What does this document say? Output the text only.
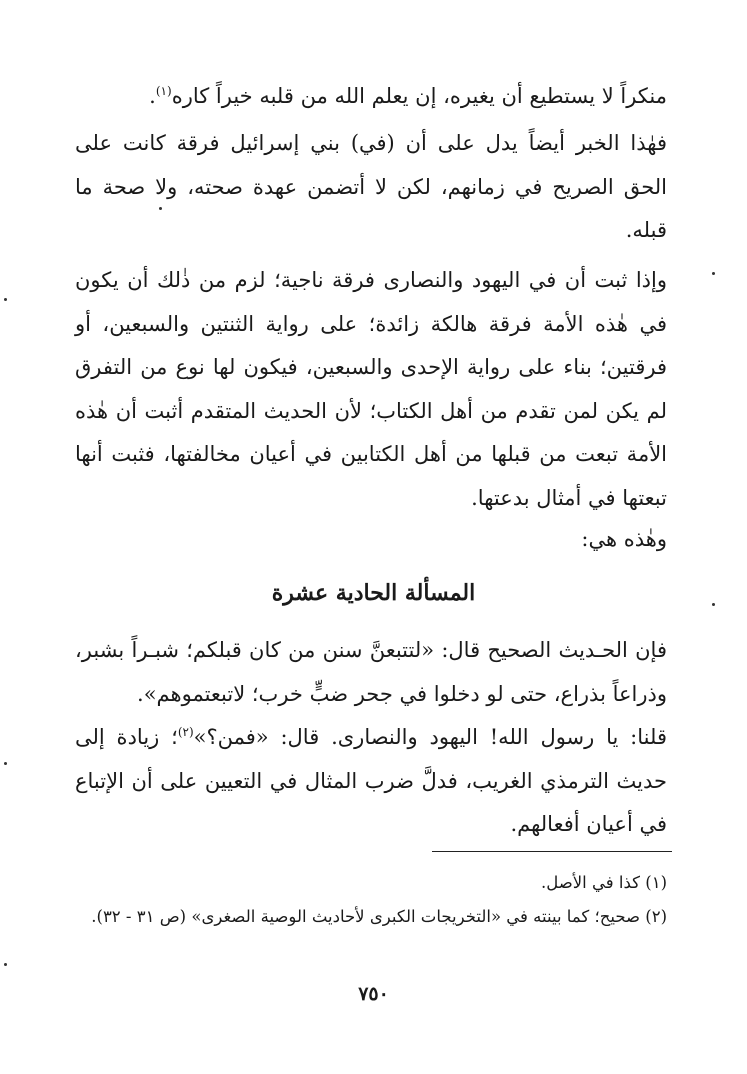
منكراً لا يستطيع أن يغيره، إن يعلم الله من قلبه خيراً كاره$^{(١)}$.

فهٰذا الخبر أيضاً يدل على أن (في) بني إسرائيل فرقة كانت على الحق الصريح في زمانهم، لكن لا أتضمن عهدة صحته، ولا صحة ما قبله.

وإذا ثبت أن في اليهود والنصارى فرقة ناجية؛ لزم من ذٰلك أن يكون في هٰذه الأمة فرقة هالكة زائدة؛ على رواية الثنتين والسبعين، أو فرقتين؛ بناء على رواية الإحدى والسبعين، فيكون لها نوع من التفرق لم يكن لمن تقدم من أهل الكتاب؛ لأن الحديث المتقدم أثبت أن هٰذه الأمة تبعت من قبلها من أهل الكتابين في أعيان مخالفتها، فثبت أنها تبعتها في أمثال بدعتها.

وهٰذه هي:

المسألة الحادية عشرة

فإن الحـديث الصحيح قال: «لتتبعنَّ سنن من كان قبلكم؛ شبـراً بشبر، وذراعاً بذراع، حتى لو دخلوا في جحر ضبٍّ خرب؛ لاتبعتموهم».

قلنا: يا رسول الله! اليهود والنصارى. قال: «فمن؟»$^{(٢)}$؛ زيادة إلى حديث الترمذي الغريب، فدلَّ ضرب المثال في التعيين على أن الإتباع في أعيان أفعالهم.

(١) كذا في الأصل.

(٢) صحيح؛ كما بينته في «التخريجات الكبرى لأحاديث الوصية الصغرى» (ص ٣١ - ٣٢).

٧٥٠
